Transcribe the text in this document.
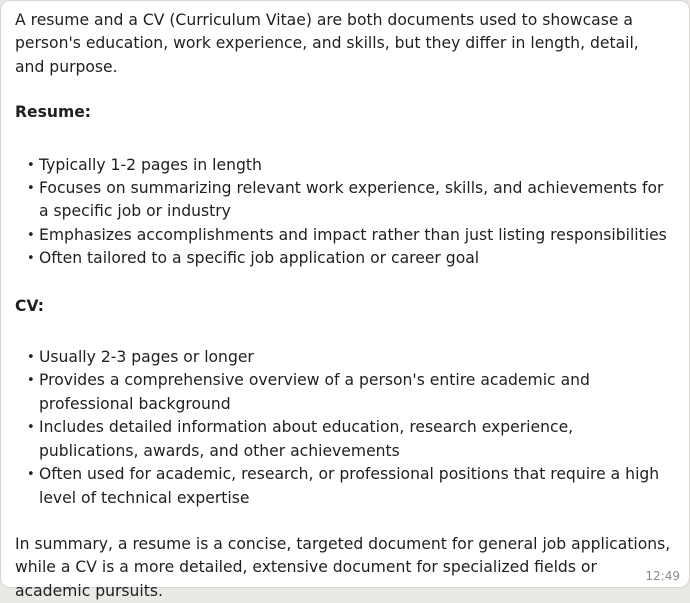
A resume and a CV (Curriculum Vitae) are both documents used to showcase a person's education, work experience, and skills, but they differ in length, detail, and purpose.

Resume:

• Typically 1-2 pages in length
• Focuses on summarizing relevant work experience, skills, and achievements for a specific job or industry
• Emphasizes accomplishments and impact rather than just listing responsibilities
• Often tailored to a specific job application or career goal

CV:

• Usually 2-3 pages or longer
• Provides a comprehensive overview of a person's entire academic and professional background
• Includes detailed information about education, research experience, publications, awards, and other achievements
• Often used for academic, research, or professional positions that require a high level of technical expertise

In summary, a resume is a concise, targeted document for general job applications, while a CV is a more detailed, extensive document for specialized fields or academic pursuits.

12:49
